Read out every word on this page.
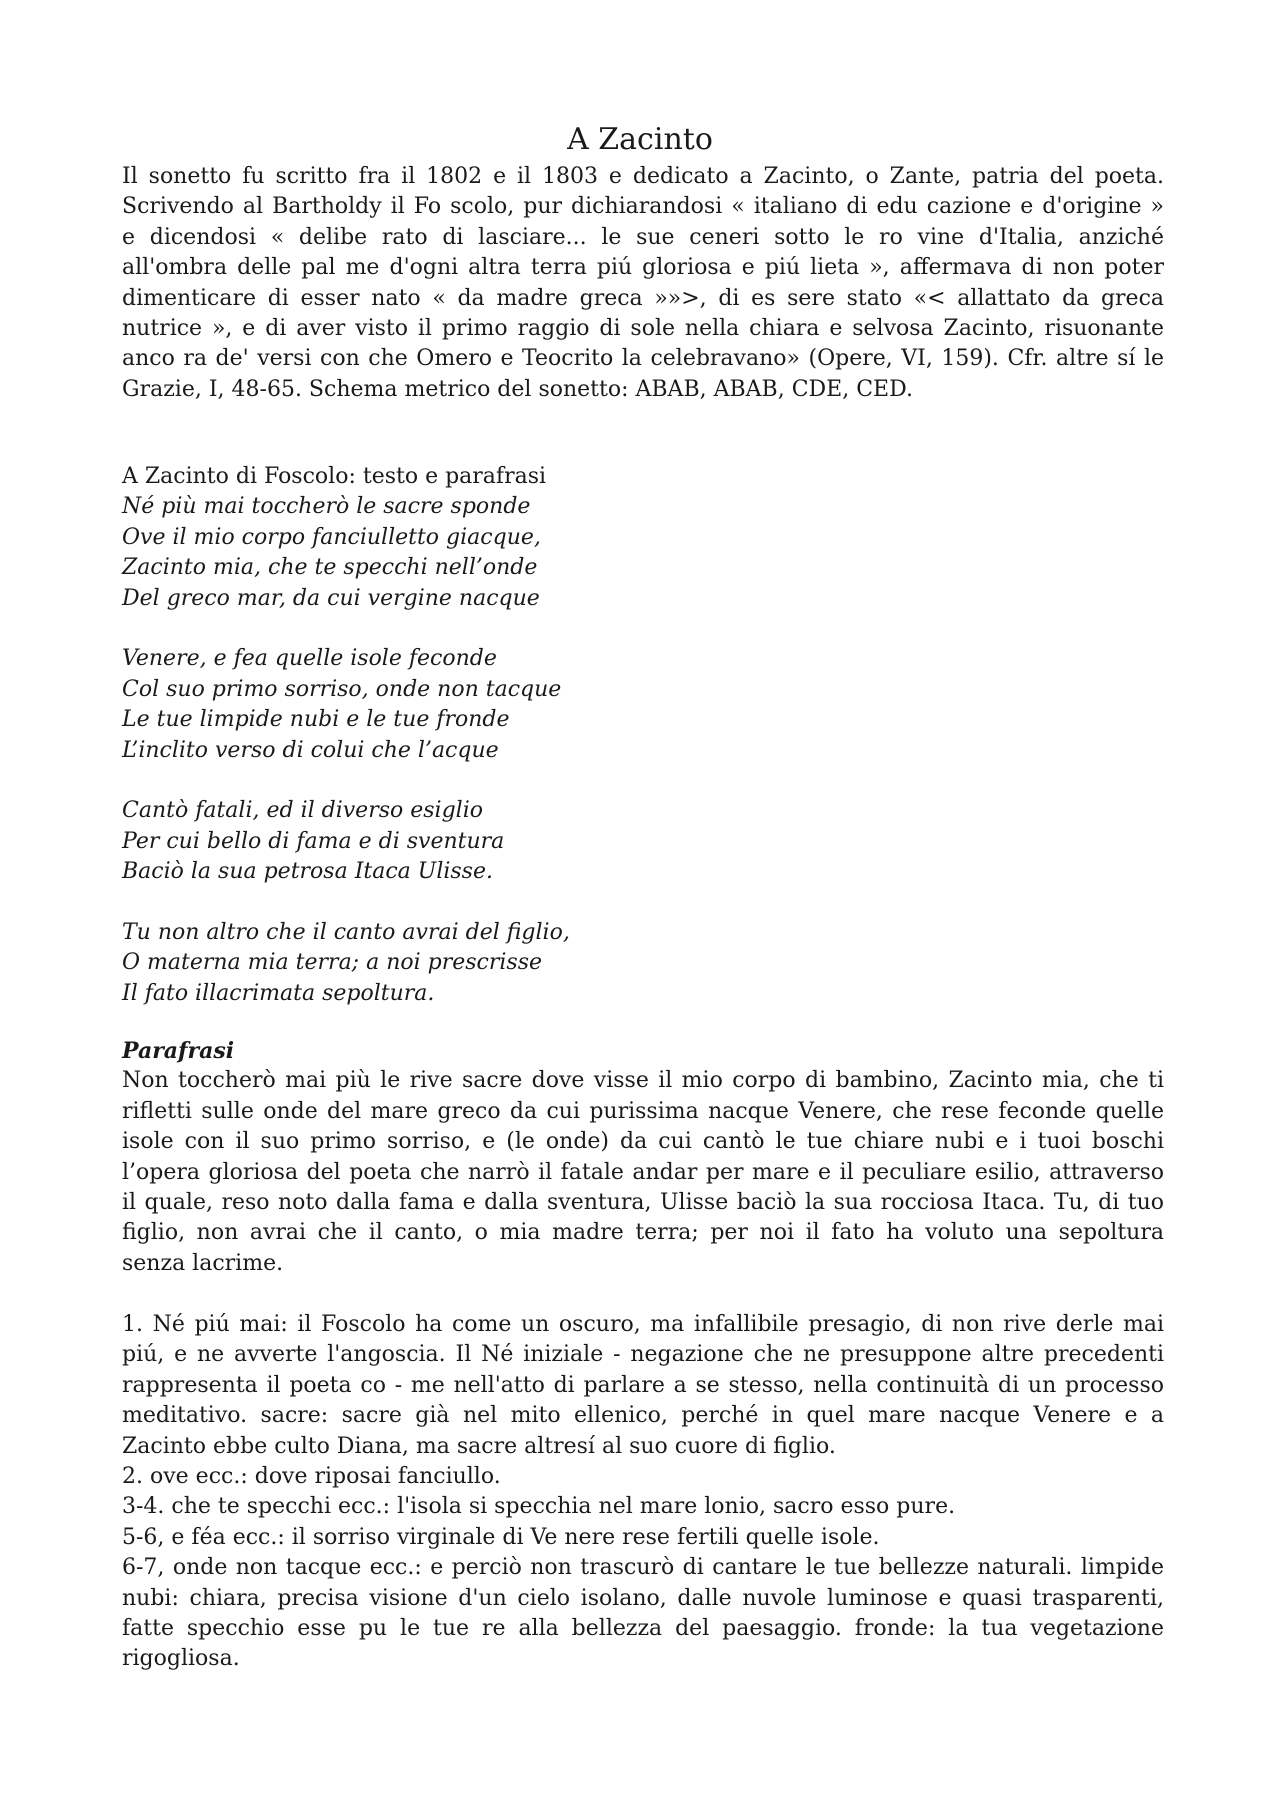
A Zacinto
Il sonetto fu scritto fra il 1802 e il 1803 e dedicato a Zacinto, o Zante, patria del poeta.
Scrivendo al Bartholdy il Fo scolo, pur dichiarandosi « italiano di edu cazione e d'origine »
e dicendosi « delibe rato di lasciare... le sue ceneri sotto le ro vine d'Italia, anziché
all'ombra delle pal me d'ogni altra terra piú gloriosa e piú lieta », affermava di non poter
dimenticare di esser nato « da madre greca »»>, di es sere stato «< allattato da greca
nutrice », e di aver visto il primo raggio di sole nella chiara e selvosa Zacinto, risuonante
anco ra de' versi con che Omero e Teocrito la celebravano» (Opere, VI, 159). Cfr. altre sí le
Grazie, I, 48-65. Schema metrico del sonetto: ABAB, ABAB, CDE, CED.
A Zacinto di Foscolo: testo e parafrasi
Né più mai toccherò le sacre sponde
Ove il mio corpo fanciulletto giacque,
Zacinto mia, che te specchi nell’onde
Del greco mar, da cui vergine nacque
Venere, e fea quelle isole feconde
Col suo primo sorriso, onde non tacque
Le tue limpide nubi e le tue fronde
L’inclito verso di colui che l’acque
Cantò fatali, ed il diverso esiglio
Per cui bello di fama e di sventura
Baciò la sua petrosa Itaca Ulisse.
Tu non altro che il canto avrai del figlio,
O materna mia terra; a noi prescrisse
Il fato illacrimata sepoltura.
Parafrasi
Non toccherò mai più le rive sacre dove visse il mio corpo di bambino, Zacinto mia, che ti
rifletti sulle onde del mare greco da cui purissima nacque Venere, che rese feconde quelle
isole con il suo primo sorriso, e (le onde) da cui cantò le tue chiare nubi e i tuoi boschi
l’opera gloriosa del poeta che narrò il fatale andar per mare e il peculiare esilio, attraverso
il quale, reso noto dalla fama e dalla sventura, Ulisse baciò la sua rocciosa Itaca. Tu, di tuo
figlio, non avrai che il canto, o mia madre terra; per noi il fato ha voluto una sepoltura
senza lacrime.
1. Né piú mai: il Foscolo ha come un oscuro, ma infallibile presagio, di non rive derle mai
piú, e ne avverte l'angoscia. Il Né iniziale - negazione che ne presuppone altre precedenti
rappresenta il poeta co - me nell'atto di parlare a se stesso, nella continuità di un processo
meditativo. sacre: sacre già nel mito ellenico, perché in quel mare nacque Venere e a
Zacinto ebbe culto Diana, ma sacre altresí al suo cuore di figlio.
2. ove ecc.: dove riposai fanciullo.
3-4. che te specchi ecc.: l'isola si specchia nel mare lonio, sacro esso pure.
5-6, e féa ecc.: il sorriso virginale di Ve nere rese fertili quelle isole.
6-7, onde non tacque ecc.: e perciò non trascurò di cantare le tue bellezze naturali. limpide
nubi: chiara, precisa visione d'un cielo isolano, dalle nuvole luminose e quasi trasparenti,
fatte specchio esse pu le tue re alla bellezza del paesaggio. fronde: la tua vegetazione
rigogliosa.
